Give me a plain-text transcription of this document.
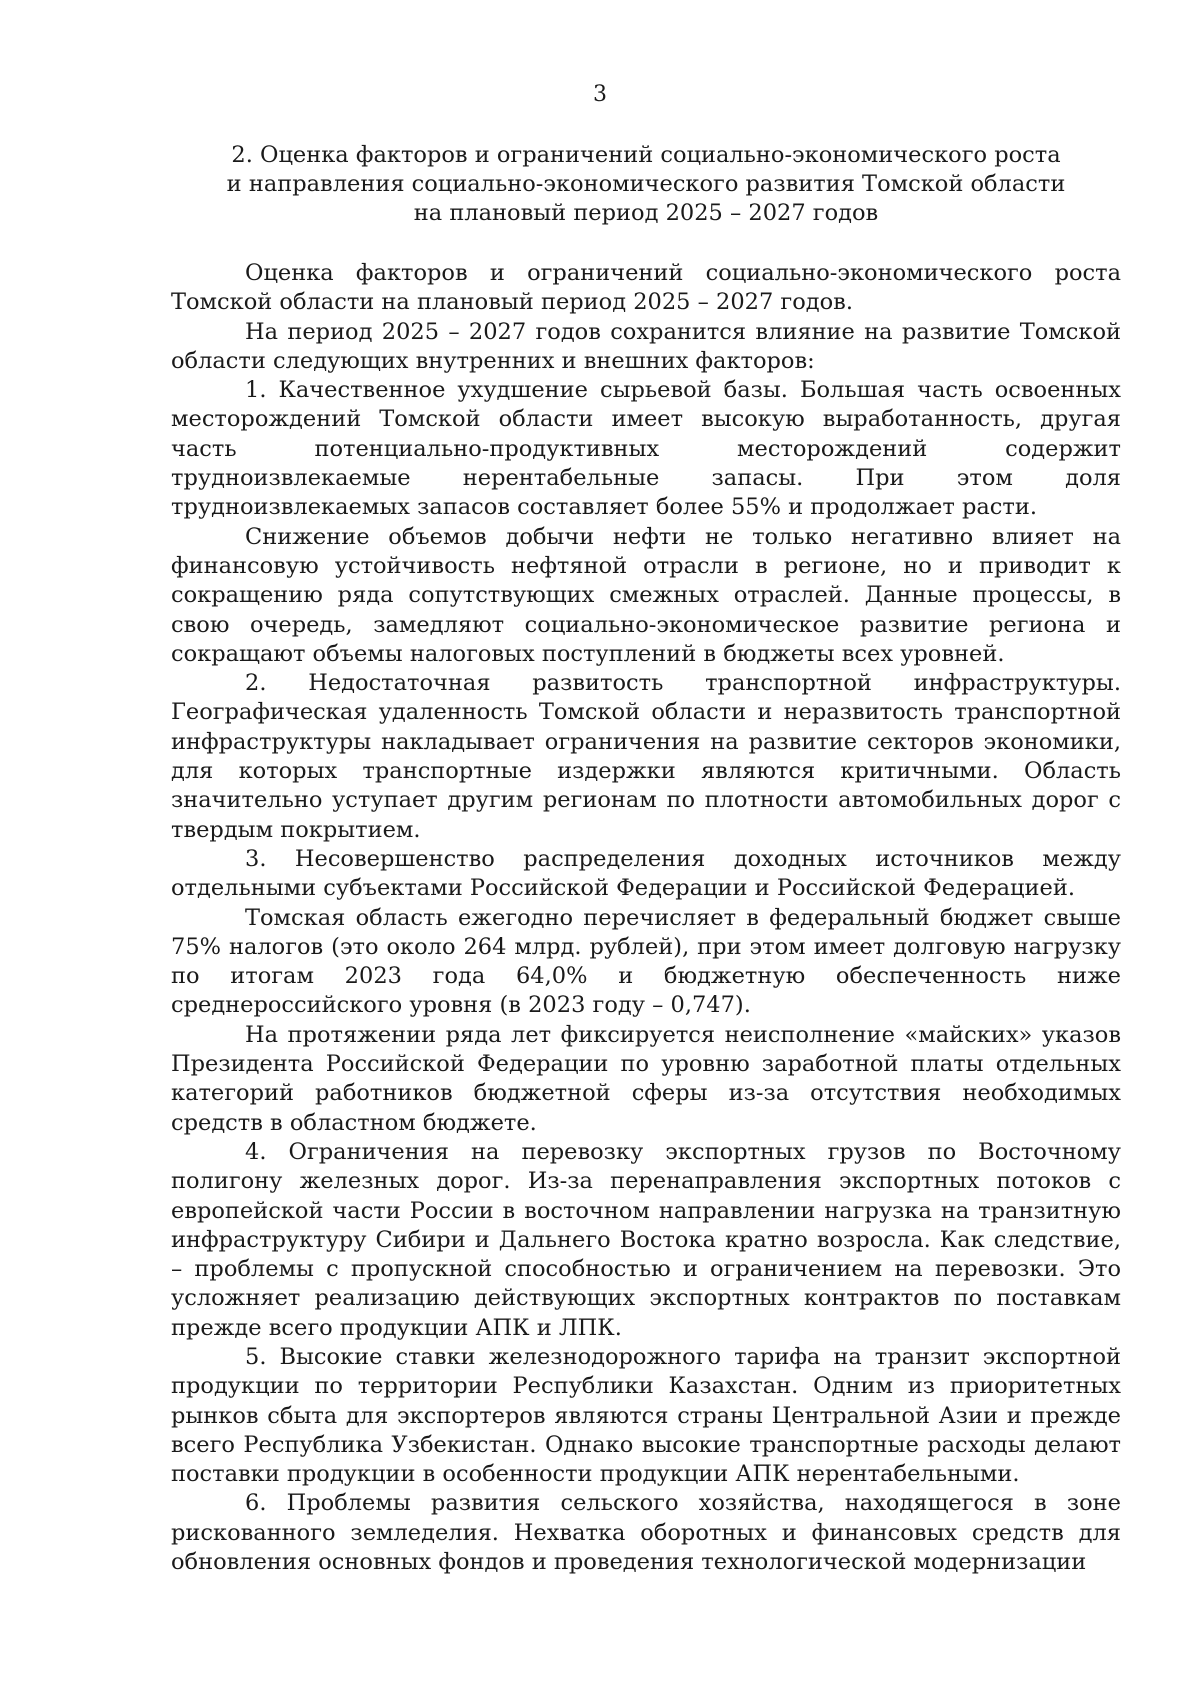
3
2. Оценка факторов и ограничений социально-экономического роста
и направления социально-экономического развития Томской области
на плановый период 2025 – 2027 годов

Оценка факторов и ограничений социально-экономического роста Томской области на плановый период 2025 – 2027 годов.

На период 2025 – 2027 годов сохранится влияние на развитие Томской области следующих внутренних и внешних факторов:

1. Качественное ухудшение сырьевой базы. Большая часть освоенных месторождений Томской области имеет высокую выработанность, другая часть потенциально-продуктивных месторождений содержит трудноизвлекаемые нерентабельные запасы. При этом доля трудноизвлекаемых запасов составляет более 55% и продолжает расти.

Снижение объемов добычи нефти не только негативно влияет на финансовую устойчивость нефтяной отрасли в регионе, но и приводит к сокращению ряда сопутствующих смежных отраслей. Данные процессы, в свою очередь, замедляют социально-экономическое развитие региона и сокращают объемы налоговых поступлений в бюджеты всех уровней.

2. Недостаточная развитость транспортной инфраструктуры. Географическая удаленность Томской области и неразвитость транспортной инфраструктуры накладывает ограничения на развитие секторов экономики, для которых транспортные издержки являются критичными. Область значительно уступает другим регионам по плотности автомобильных дорог с твердым покрытием.

3. Несовершенство распределения доходных источников между отдельными субъектами Российской Федерации и Российской Федерацией.

Томская область ежегодно перечисляет в федеральный бюджет свыше 75% налогов (это около 264 млрд. рублей), при этом имеет долговую нагрузку по итогам 2023 года 64,0% и бюджетную обеспеченность ниже среднероссийского уровня (в 2023 году – 0,747).

На протяжении ряда лет фиксируется неисполнение «майских» указов Президента Российской Федерации по уровню заработной платы отдельных категорий работников бюджетной сферы из-за отсутствия необходимых средств в областном бюджете.

4. Ограничения на перевозку экспортных грузов по Восточному полигону железных дорог. Из-за перенаправления экспортных потоков с европейской части России в восточном направлении нагрузка на транзитную инфраструктуру Сибири и Дальнего Востока кратно возросла. Как следствие, – проблемы с пропускной способностью и ограничением на перевозки. Это усложняет реализацию действующих экспортных контрактов по поставкам прежде всего продукции АПК и ЛПК.

5. Высокие ставки железнодорожного тарифа на транзит экспортной продукции по территории Республики Казахстан. Одним из приоритетных рынков сбыта для экспортеров являются страны Центральной Азии и прежде всего Республика Узбекистан. Однако высокие транспортные расходы делают поставки продукции в особенности продукции АПК нерентабельными.

6. Проблемы развития сельского хозяйства, находящегося в зоне рискованного земледелия. Нехватка оборотных и финансовых средств для обновления основных фондов и проведения технологической модернизации
